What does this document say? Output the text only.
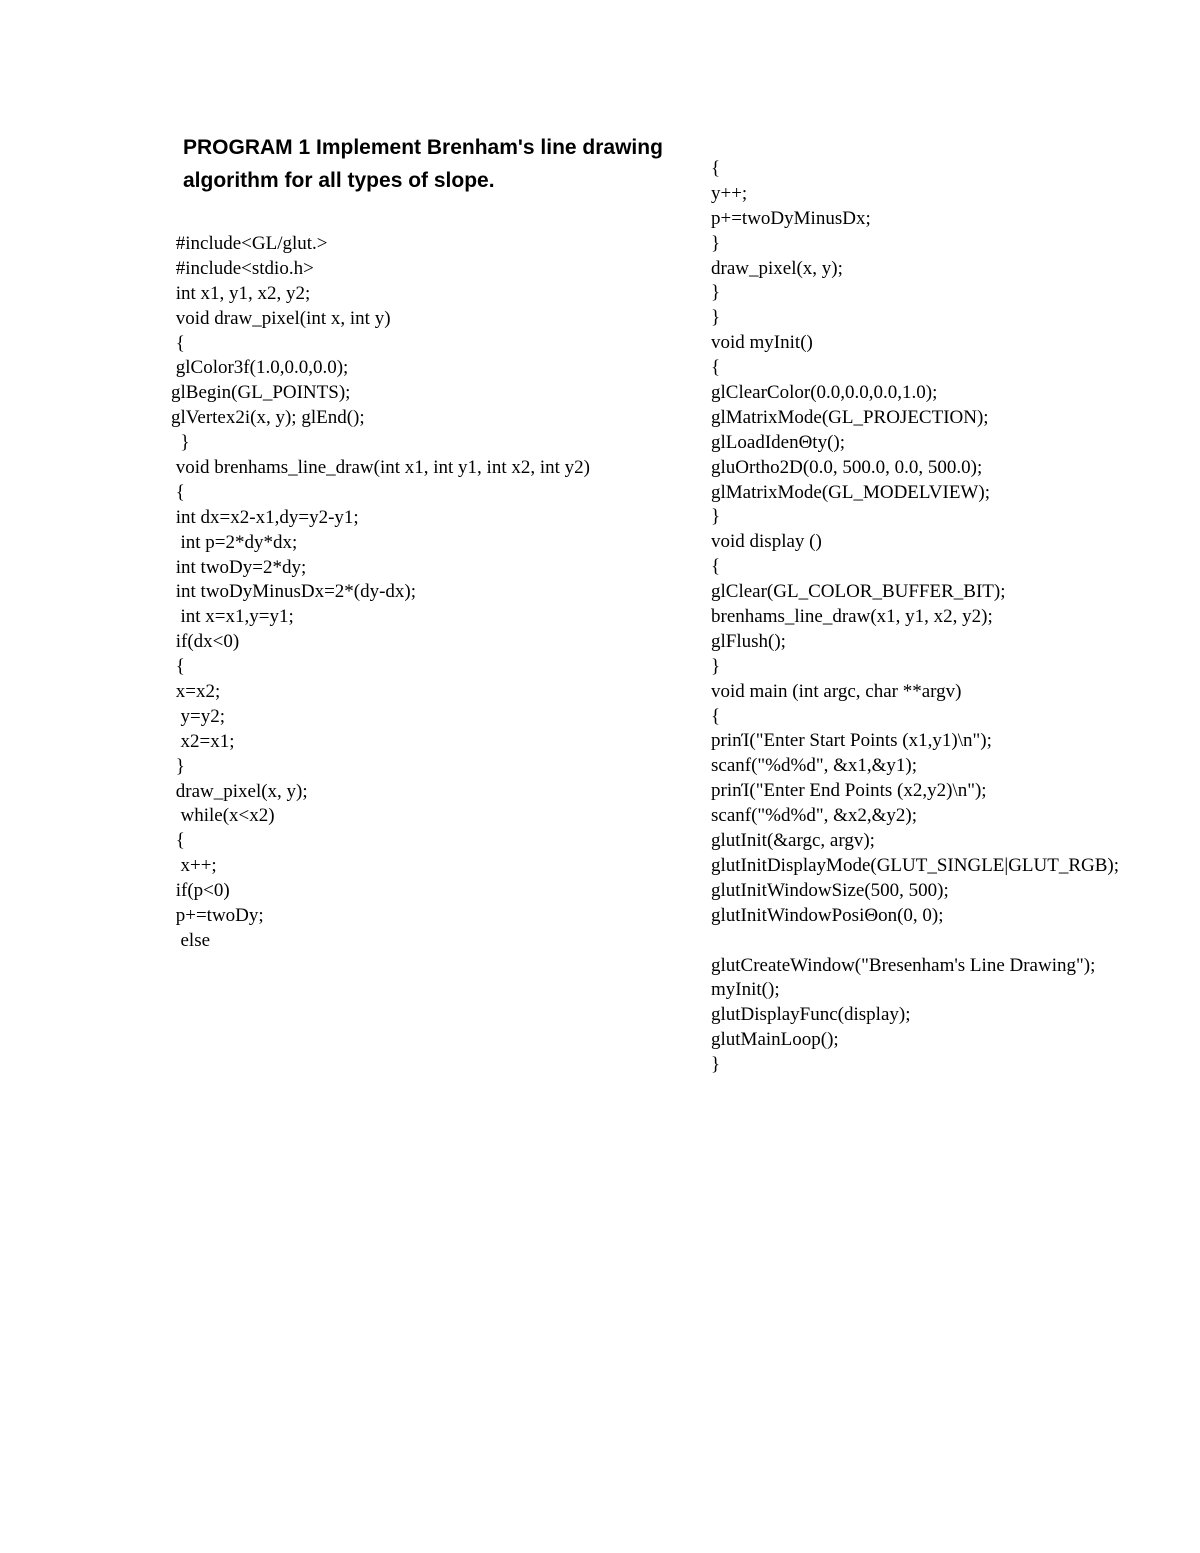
PROGRAM 1 Implement Brenham's line drawing
algorithm for all types of slope.
#include<GL/glut.>
#include<stdio.h>
int x1, y1, x2, y2;
void draw_pixel(int x, int y)
{
glColor3f(1.0,0.0,0.0);
glBegin(GL_POINTS);
glVertex2i(x, y); glEnd();
}
void brenhams_line_draw(int x1, int y1, int x2, int y2)
{
int dx=x2-x1,dy=y2-y1;
int p=2*dy*dx;
int twoDy=2*dy;
int twoDyMinusDx=2*(dy-dx);
int x=x1,y=y1;
if(dx<0)
{
x=x2;
y=y2;
x2=x1;
}
draw_pixel(x, y);
while(x<x2)
{
x++;
if(p<0)
p+=twoDy;
else
{
y++;
p+=twoDyMinusDx;
}
draw_pixel(x, y);
}
}
void myInit()
{
glClearColor(0.0,0.0,0.0,1.0);
glMatrixMode(GL_PROJECTION);
glLoadIdenΘty();
gluOrtho2D(0.0, 500.0, 0.0, 500.0);
glMatrixMode(GL_MODELVIEW);
}
void display ()
{
glClear(GL_COLOR_BUFFER_BIT);
brenhams_line_draw(x1, y1, x2, y2);
glFlush();
}
void main (int argc, char **argv)
{
prinΊ("Enter Start Points (x1,y1)\n");
scanf("%d%d", &x1,&y1);
prinΊ("Enter End Points (x2,y2)\n");
scanf("%d%d", &x2,&y2);
glutInit(&argc, argv);
glutInitDisplayMode(GLUT_SINGLE|GLUT_RGB);
glutInitWindowSize(500, 500);
glutInitWindowPosiΘon(0, 0);
glutCreateWindow("Bresenham's Line Drawing");
myInit();
glutDisplayFunc(display);
glutMainLoop();
}
